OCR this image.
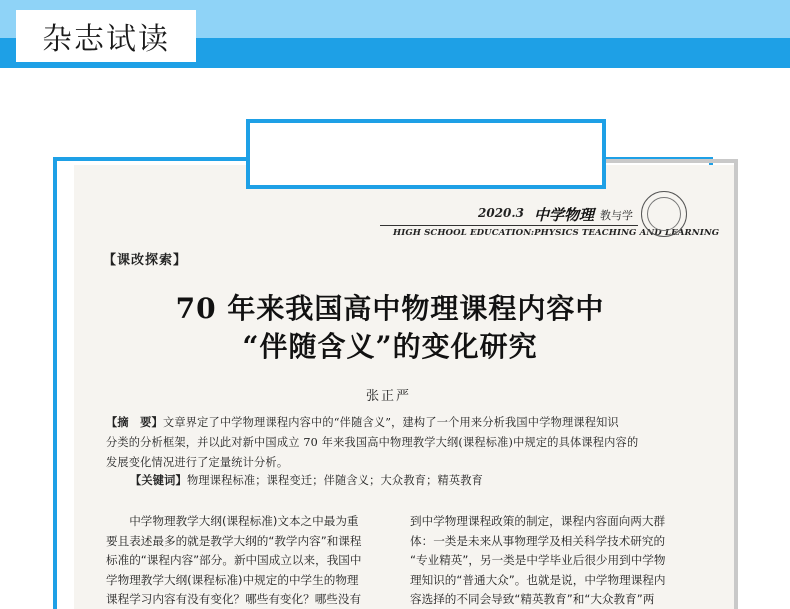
杂志试读
2020.3 中学物理 教与学
HIGH SCHOOL EDUCATION:PHYSICS TEACHING AND LEARNING
【课改探索】
70 年来我国高中物理课程内容中
“伴随含义”的变化研究
张正严
【摘　要】文章界定了中学物理课程内容中的“伴随含义”，建构了一个用来分析我国中学物理课程知识
分类的分析框架，并以此对新中国成立 70 年来我国高中物理教学大纲(课程标准)中规定的具体课程内容的
发展变化情况进行了定量统计分析。
【关键词】物理课程标准；课程变迁；伴随含义；大众教育；精英教育
　　中学物理教学大纲(课程标准)文本之中最为重
要且表述最多的就是教学大纲的“教学内容”和课程
标准的“课程内容”部分。新中国成立以来，我国中
学物理教学大纲(课程标准)中规定的中学生的物理
课程学习内容有没有变化？哪些有变化？哪些没有
到中学物理课程政策的制定，课程内容面向两大群
体：一类是未来从事物理学及相关科学技术研究的
“专业精英”，另一类是中学毕业后很少用到中学物
理知识的“普通大众”。也就是说，中学物理课程内
容选择的不同会导致“精英教育”和“大众教育”两
